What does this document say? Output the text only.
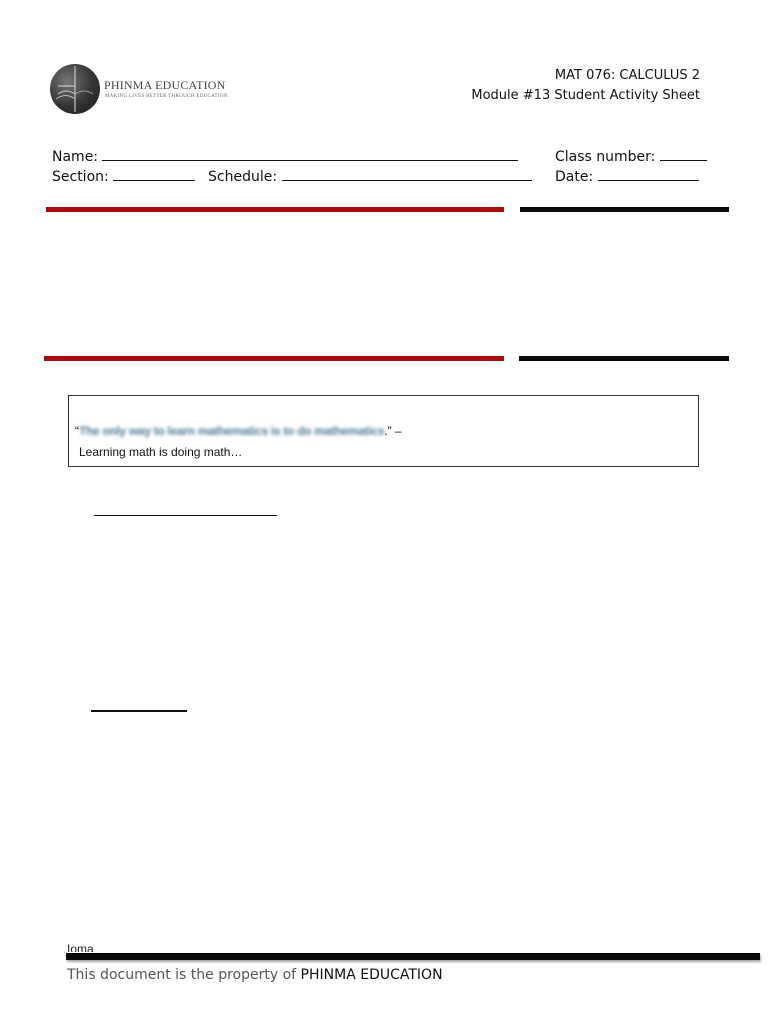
PHINMA EDUCATION
MAKING LIVES BETTER THROUGH EDUCATION
MAT 076: CALCULUS 2
Module #13 Student Activity Sheet
Name:	Class number:
Section:	Schedule:	Date:
“The only way to learn mathematics is to do mathematics.” –
Learning math is doing math…
Ioma
This document is the property of PHINMA EDUCATION
